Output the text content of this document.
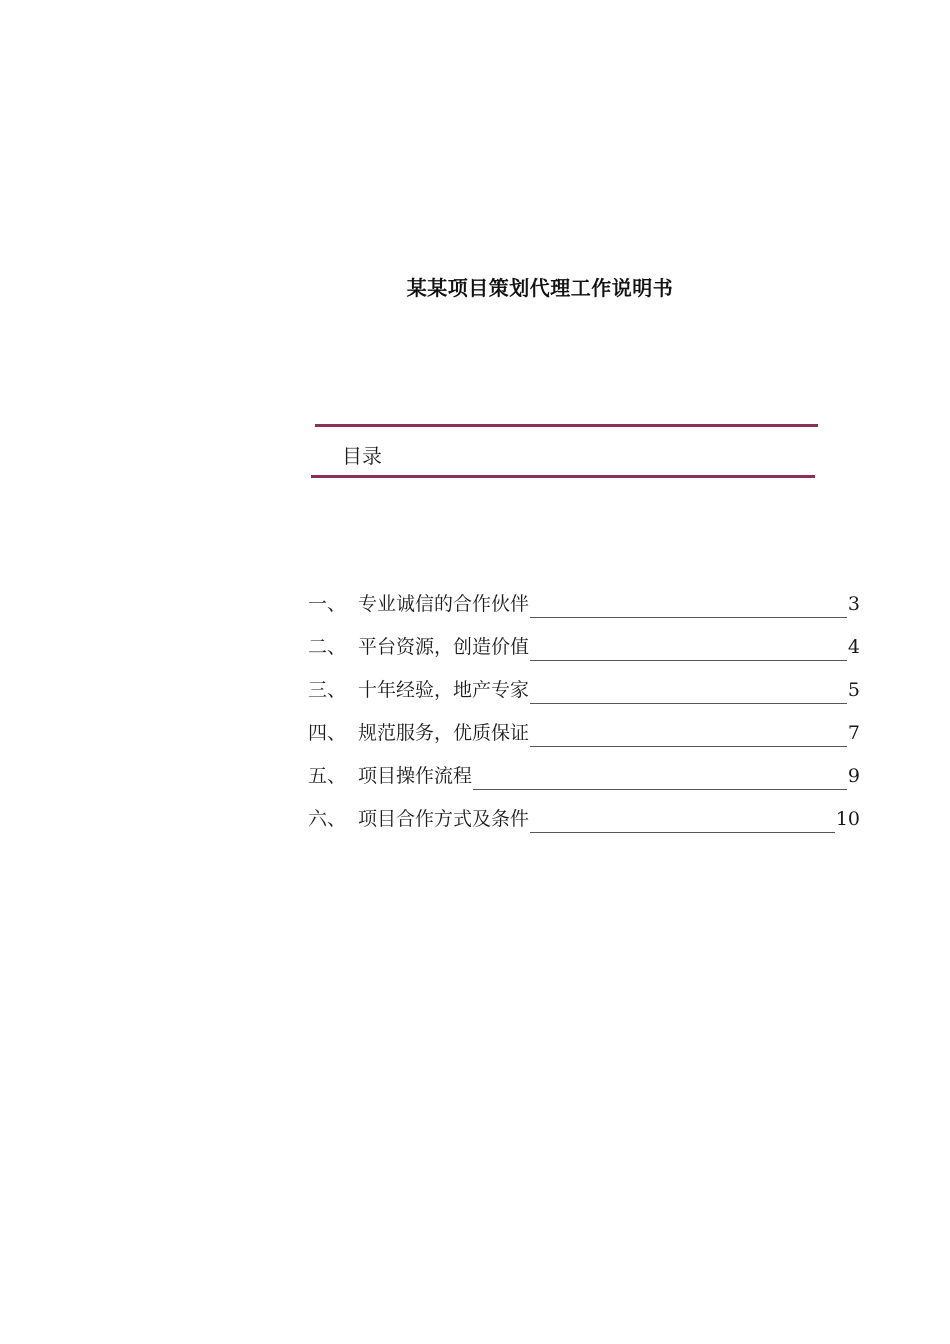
某某项目策划代理工作说明书
目录
一、 专业诚信的合作伙伴	3
二、 平台资源，创造价值	4
三、 十年经验，地产专家	5
四、 规范服务，优质保证	7
五、 项目操作流程	9
六、 项目合作方式及条件	10
